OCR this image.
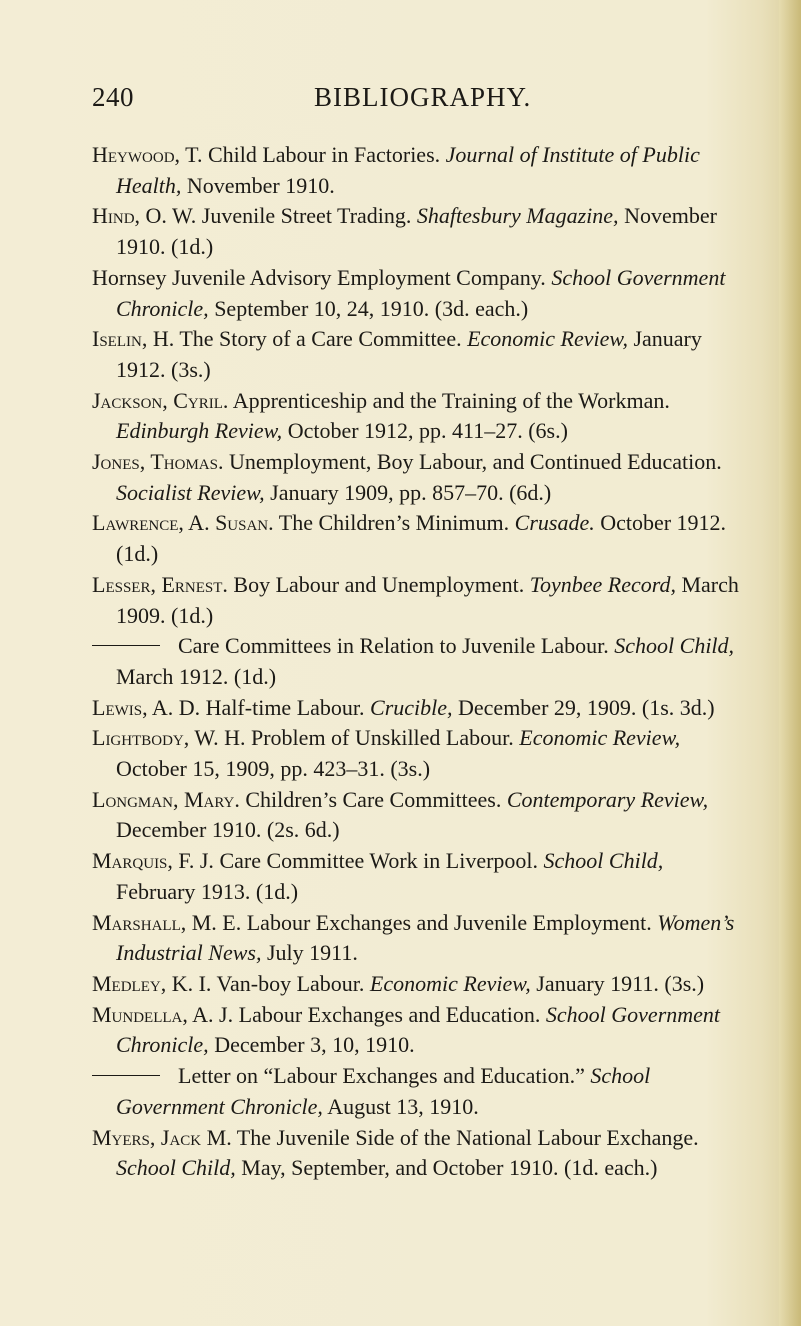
240	BIBLIOGRAPHY.

Heywood, T. Child Labour in Factories. Journal of Institute of Public Health, November 1910.

Hind, O. W. Juvenile Street Trading. Shaftesbury Magazine, November 1910. (1d.)

Hornsey Juvenile Advisory Employment Company. School Government Chronicle, September 10, 24, 1910. (3d. each.)

Iselin, H. The Story of a Care Committee. Economic Review, January 1912. (3s.)

Jackson, Cyril. Apprenticeship and the Training of the Workman. Edinburgh Review, October 1912, pp. 411–27. (6s.)

Jones, Thomas. Unemployment, Boy Labour, and Continued Education. Socialist Review, January 1909, pp. 857–70. (6d.)

Lawrence, A. Susan. The Children’s Minimum. Crusade. October 1912. (1d.)

Lesser, Ernest. Boy Labour and Unemployment. Toynbee Record, March 1909. (1d.)

Care Committees in Relation to Juvenile Labour. School Child, March 1912. (1d.)

Lewis, A. D. Half-time Labour. Crucible, December 29, 1909. (1s. 3d.)

Lightbody, W. H. Problem of Unskilled Labour. Economic Review, October 15, 1909, pp. 423–31. (3s.)

Longman, Mary. Children’s Care Committees. Contemporary Review, December 1910. (2s. 6d.)

Marquis, F. J. Care Committee Work in Liverpool. School Child, February 1913. (1d.)

Marshall, M. E. Labour Exchanges and Juvenile Employment. Women’s Industrial News, July 1911.

Medley, K. I. Van-boy Labour. Economic Review, January 1911. (3s.)

Mundella, A. J. Labour Exchanges and Education. School Government Chronicle, December 3, 10, 1910.

Letter on “Labour Exchanges and Education.” School Government Chronicle, August 13, 1910.

Myers, Jack M. The Juvenile Side of the National Labour Exchange. School Child, May, September, and October 1910. (1d. each.)
